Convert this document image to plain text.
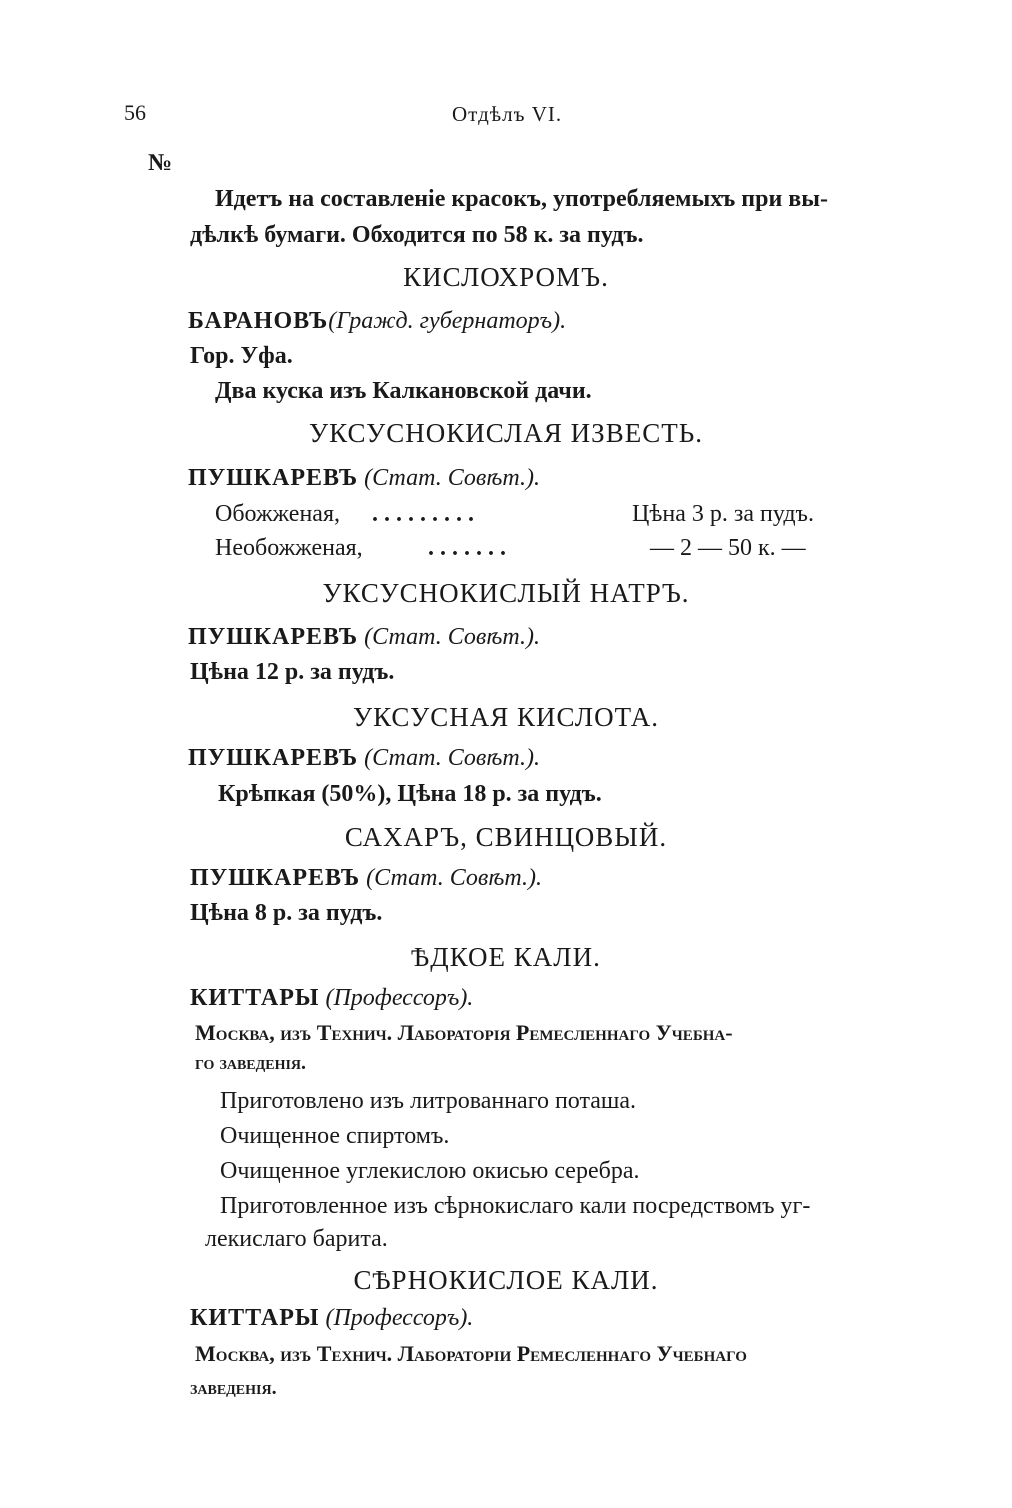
56	Отдѣлъ VI.
№
Идетъ на составленіе красокъ, употребляемыхъ при вы-
дѣлкѣ бумаги. Обходится по 58 к. за пудъ.
КИСЛОХРОМЪ.
БАРАНОВЪ(Гражд. губернаторъ).
Гор. Уфа.
Два куска изъ Калкановской дачи.
УКСУСНОКИСЛАЯ ИЗВЕСТЬ.
ПУШКАРЕВЪ (Стат. Совѣт.).
Обожженая, . . . . . . . . .	Цѣна 3 р. за пудъ.
Необожженая,	. . . . . . .	— 2 — 50 к. —
УКСУСНОКИСЛЫЙ НАТРЪ.
ПУШКАРЕВЪ (Стат. Совѣт.).
Цѣна 12 р. за пудъ.
УКСУСНАЯ КИСЛОТА.
ПУШКАРЕВЪ (Стат. Совѣт.).
Крѣпкая (50%), Цѣна 18 р. за пудъ.
САХАРЪ, СВИНЦОВЫЙ.
ПУШКАРЕВЪ (Стат. Совѣт.).
Цѣна 8 р. за пудъ.
ѢДКОЕ КАЛИ.
КИТТАРЫ (Профессоръ).
Москва, изъ Технич. Лабораторія Ремесленнаго Учебна-
го заведенія.
Приготовлено изъ литрованнаго поташа.
Очищенное спиртомъ.
Очищенное углекислою окисью серебра.
Приготовленное изъ сѣрнокислаго кали посредствомъ уг-
лекислаго барита.
СѢРНОКИСЛОЕ КАЛИ.
КИТТАРЫ (Профессоръ).
Москва, изъ Технич. Лабораторіи Ремесленнаго Учебнаго
заведенія.
